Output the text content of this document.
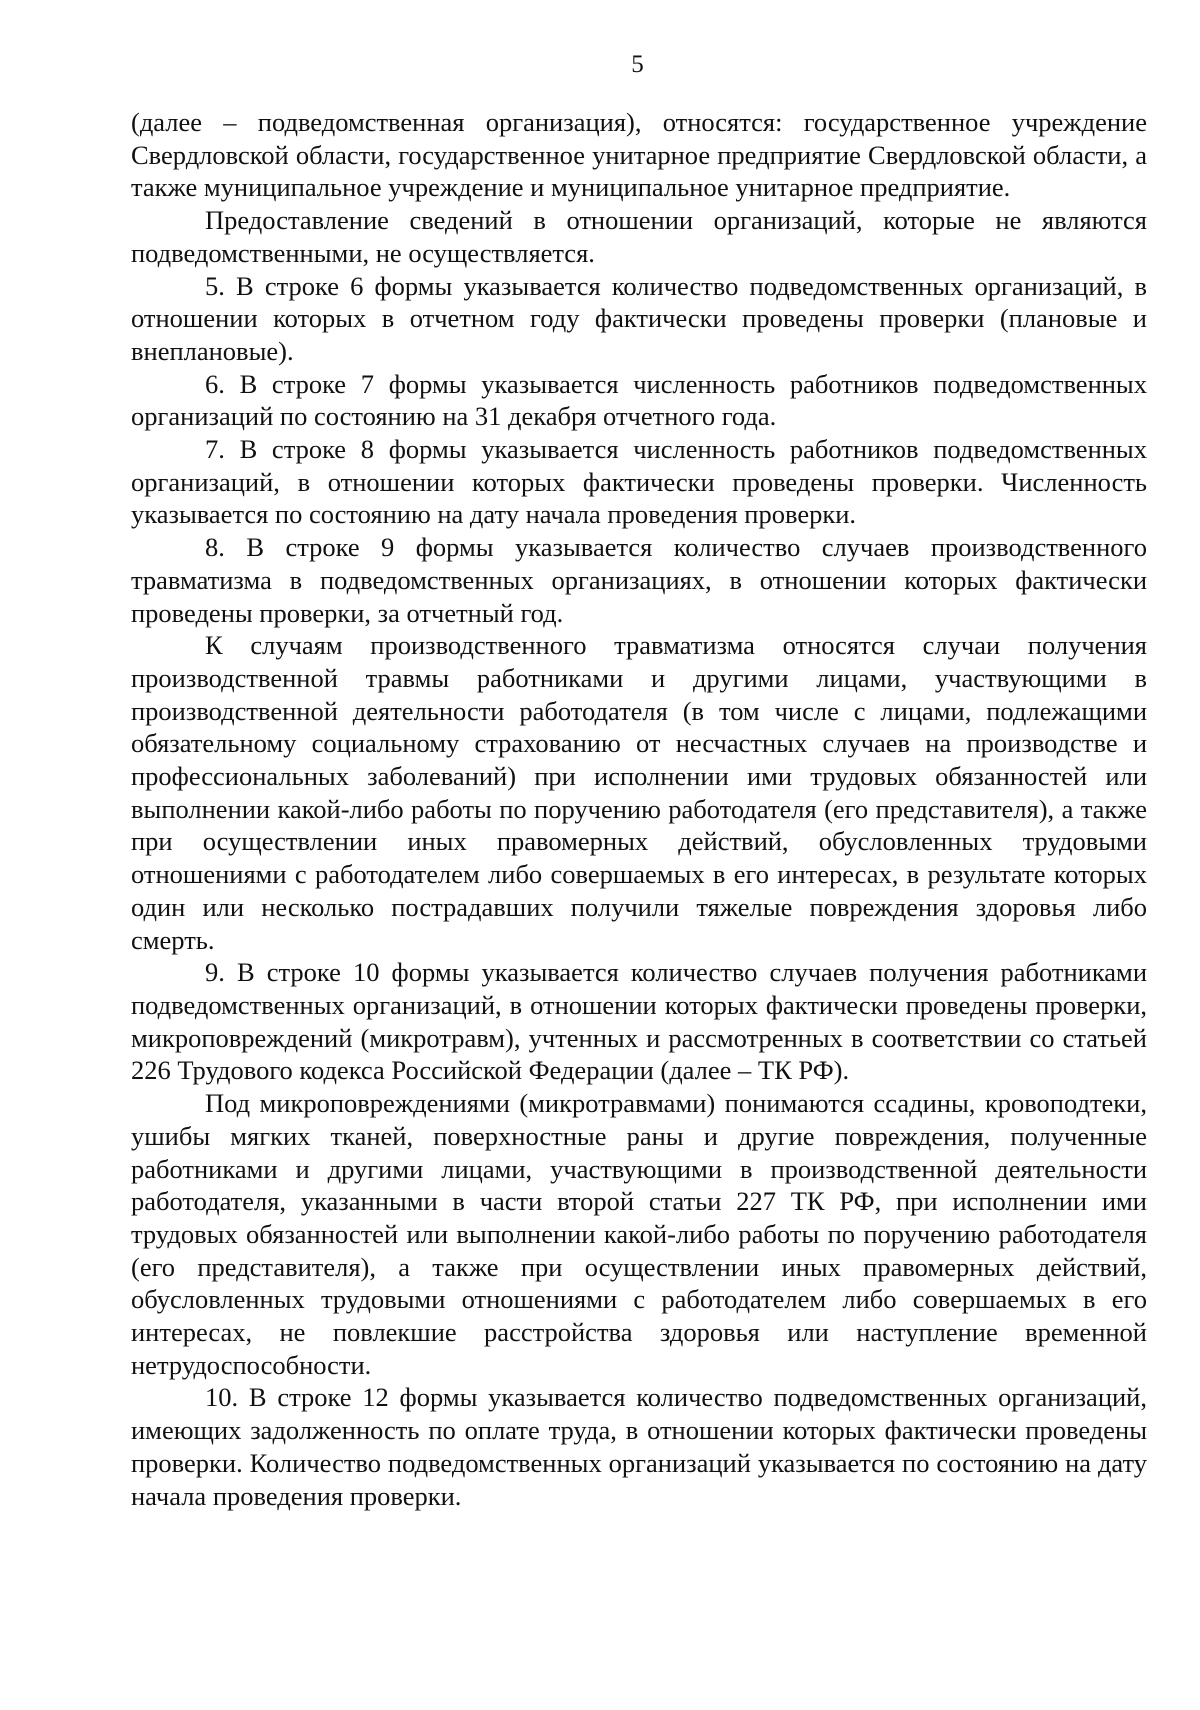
5

(далее – подведомственная организация), относятся: государственное учреждение Свердловской области, государственное унитарное предприятие Свердловской области, а также муниципальное учреждение и муниципальное унитарное предприятие.

Предоставление сведений в отношении организаций, которые не являются подведомственными, не осуществляется.

5. В строке 6 формы указывается количество подведомственных организаций, в отношении которых в отчетном году фактически проведены проверки (плановые и внеплановые).

6. В строке 7 формы указывается численность работников подведомственных организаций по состоянию на 31 декабря отчетного года.

7. В строке 8 формы указывается численность работников подведомственных организаций, в отношении которых фактически проведены проверки. Численность указывается по состоянию на дату начала проведения проверки.

8. В строке 9 формы указывается количество случаев производственного травматизма в подведомственных организациях, в отношении которых фактически проведены проверки, за отчетный год.

К случаям производственного травматизма относятся случаи получения производственной травмы работниками и другими лицами, участвующими в производственной деятельности работодателя (в том числе с лицами, подлежащими обязательному социальному страхованию от несчастных случаев на производстве и профессиональных заболеваний) при исполнении ими трудовых обязанностей или выполнении какой-либо работы по поручению работодателя (его представителя), а также при осуществлении иных правомерных действий, обусловленных трудовыми отношениями с работодателем либо совершаемых в его интересах, в результате которых один или несколько пострадавших получили тяжелые повреждения здоровья либо смерть.

9. В строке 10 формы указывается количество случаев получения работниками подведомственных организаций, в отношении которых фактически проведены проверки, микроповреждений (микротравм), учтенных и рассмотренных в соответствии со статьей 226 Трудового кодекса Российской Федерации (далее – ТК РФ).

Под микроповреждениями (микротравмами) понимаются ссадины, кровоподтеки, ушибы мягких тканей, поверхностные раны и другие повреждения, полученные работниками и другими лицами, участвующими в производственной деятельности работодателя, указанными в части второй статьи 227 ТК РФ, при исполнении ими трудовых обязанностей или выполнении какой-либо работы по поручению работодателя (его представителя), а также при осуществлении иных правомерных действий, обусловленных трудовыми отношениями с работодателем либо совершаемых в его интересах, не повлекшие расстройства здоровья или наступление временной нетрудоспособности.

10. В строке 12 формы указывается количество подведомственных организаций, имеющих задолженность по оплате труда, в отношении которых фактически проведены проверки. Количество подведомственных организаций указывается по состоянию на дату начала проведения проверки.
